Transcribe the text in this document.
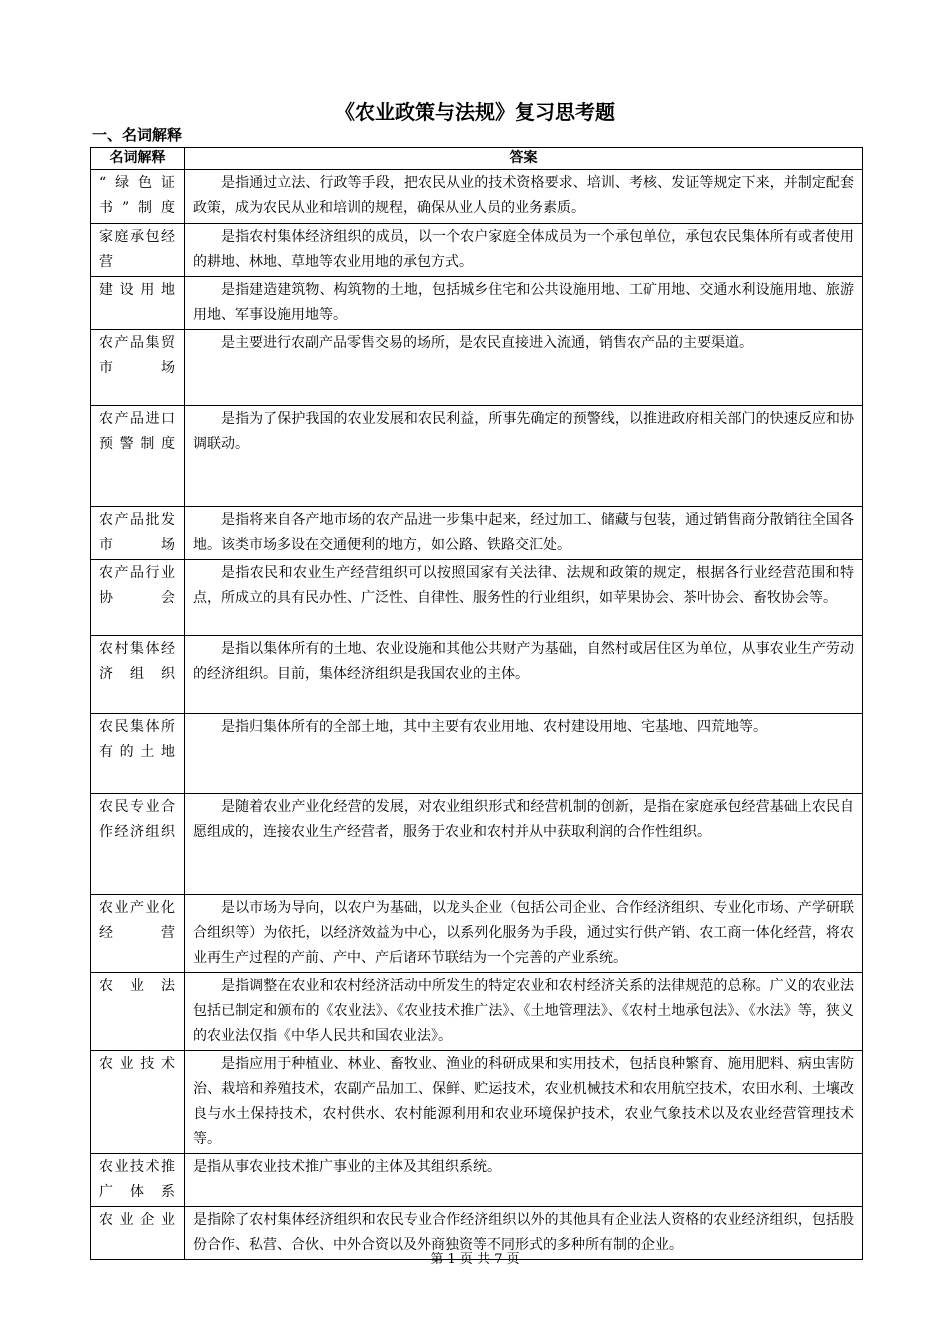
《农业政策与法规》复习思考题
一、名词解释
名词解释	答案
“绿色证书”制度	是指通过立法、行政等手段，把农民从业的技术资格要求、培训、考核、发证等规定下来，并制定配套政策，成为农民从业和培训的规程，确保从业人员的业务素质。
家庭承包经营	是指农村集体经济组织的成员，以一个农户家庭全体成员为一个承包单位，承包农民集体所有或者使用的耕地、林地、草地等农业用地的承包方式。
建设用地	是指建造建筑物、构筑物的土地，包括城乡住宅和公共设施用地、工矿用地、交通水利设施用地、旅游用地、军事设施用地等。
农产品集贸市场	是主要进行农副产品零售交易的场所，是农民直接进入流通，销售农产品的主要渠道。
农产品进口预警制度	是指为了保护我国的农业发展和农民利益，所事先确定的预警线，以推进政府相关部门的快速反应和协调联动。
农产品批发市场	是指将来自各产地市场的农产品进一步集中起来，经过加工、储藏与包装，通过销售商分散销往全国各地。该类市场多设在交通便利的地方，如公路、铁路交汇处。
农产品行业协会	是指农民和农业生产经营组织可以按照国家有关法律、法规和政策的规定，根据各行业经营范围和特点，所成立的具有民办性、广泛性、自律性、服务性的行业组织，如苹果协会、茶叶协会、畜牧协会等。
农村集体经济组织	是指以集体所有的土地、农业设施和其他公共财产为基础，自然村或居住区为单位，从事农业生产劳动的经济组织。目前，集体经济组织是我国农业的主体。
农民集体所有的土地	是指归集体所有的全部土地，其中主要有农业用地、农村建设用地、宅基地、四荒地等。
农民专业合作经济组织	是随着农业产业化经营的发展，对农业组织形式和经营机制的创新，是指在家庭承包经营基础上农民自愿组成的，连接农业生产经营者，服务于农业和农村并从中获取利润的合作性组织。
农业产业化经营	是以市场为导向，以农户为基础，以龙头企业（包括公司企业、合作经济组织、专业化市场、产学研联合组织等）为依托，以经济效益为中心，以系列化服务为手段，通过实行供产销、农工商一体化经营，将农业再生产过程的产前、产中、产后诸环节联结为一个完善的产业系统。
农业法	是指调整在农业和农村经济活动中所发生的特定农业和农村经济关系的法律规范的总称。广义的农业法包括已制定和颁布的《农业法》、《农业技术推广法》、《土地管理法》、《农村土地承包法》、《水法》等，狭义的农业法仅指《中华人民共和国农业法》。
农业技术	是指应用于种植业、林业、畜牧业、渔业的科研成果和实用技术，包括良种繁育、施用肥料、病虫害防治、栽培和养殖技术，农副产品加工、保鲜、贮运技术，农业机械技术和农用航空技术，农田水利、土壤改良与水土保持技术，农村供水、农村能源利用和农业环境保护技术，农业气象技术以及农业经营管理技术等。
农业技术推广体系	是指从事农业技术推广事业的主体及其组织系统。
农业企业	是指除了农村集体经济组织和农民专业合作经济组织以外的其他具有企业法人资格的农业经济组织，包括股份合作、私营、合伙、中外合资以及外商独资等不同形式的多种所有制的企业。
第 1 页 共 7 页
